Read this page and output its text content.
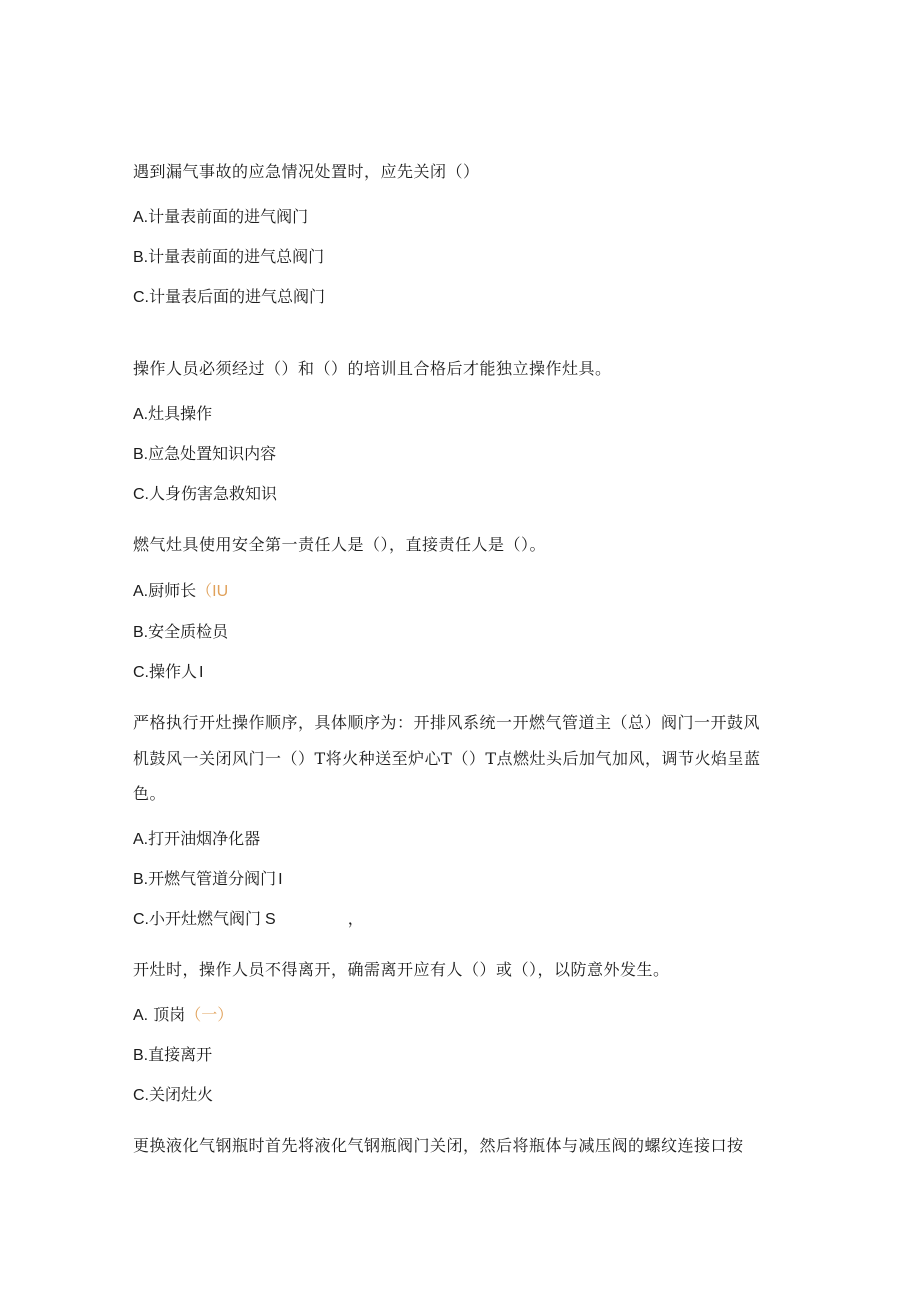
遇到漏气事故的应急情况处置时，应先关闭（）
A.计量表前面的进气阀门
B.计量表前面的进气总阀门
C.计量表后面的进气总阀门
操作人员必须经过（）和（）的培训且合格后才能独立操作灶具。
A.灶具操作
B.应急处置知识内容
C.人身伤害急救知识
燃气灶具使用安全第一责任人是（），直接责任人是（）。
A.厨师长（IU
B.安全质检员
C.操作人 I
严格执行开灶操作顺序，具体顺序为：开排风系统一开燃气管道主（总）阀门一开鼓风
机鼓风一关闭风门一（）T将火种送至炉心T（）T点燃灶头后加气加风，调节火焰呈蓝
色。
A.打开油烟净化器
B.开燃气管道分阀门 I
C.小开灶燃气阀门 S	，
开灶时，操作人员不得离开，确需离开应有人（）或（），以防意外发生。
A. 顶岗（一）
B.直接离开
C.关闭灶火
更换液化气钢瓶时首先将液化气钢瓶阀门关闭，然后将瓶体与减压阀的螺纹连接口按
